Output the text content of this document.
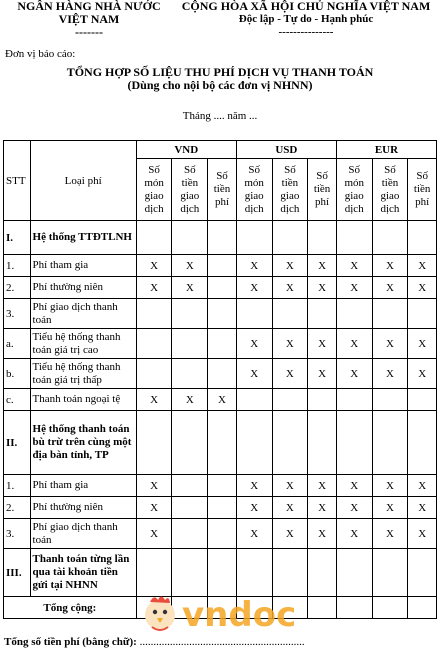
NGÂN HÀNG NHÀ NƯỚC
VIỆT NAM
-------
CỘNG HÒA XÃ HỘI CHỦ NGHĨA VIỆT NAM
Độc lập - Tự do - Hạnh phúc
---------------
Đơn vị báo cáo:
TỔNG HỢP SỐ LIỆU THU PHÍ DỊCH VỤ THANH TOÁN
(Dùng cho nội bộ các đơn vị NHNN)
Tháng .... năm ...
STT	Loại phí	VND			USD			EUR		
		Số món giao dịch	Số tiền giao dịch	Số tiền phí	Số món giao dịch	Số tiền giao dịch	Số tiền phí	Số món giao dịch	Số tiền giao dịch	Số tiền phí
I.	Hệ thống TTĐTLNH									
1.	Phí tham gia	X	X		X	X	X	X	X	X
2.	Phí thường niên	X	X		X	X	X	X	X	X
3.	Phí giao dịch thanh toán									
a.	Tiểu hệ thống thanh toán giá trị cao				X	X	X	X	X	X
b.	Tiểu hệ thống thanh toán giá trị thấp				X	X	X	X	X	X
c.	Thanh toán ngoại tệ	X	X	X						
II.	Hệ thống thanh toán bù trừ trên cùng một địa bàn tỉnh, TP									
1.	Phí tham gia	X			X	X	X	X	X	X
2.	Phí thường niên	X			X	X	X	X	X	X
3.	Phí giao dịch thanh toán	X			X	X	X	X	X	X
III.	Thanh toán từng lần qua tài khoản tiền gửi tại NHNN									
Tổng cộng:											vndoc
Tổng số tiền phí (bằng chữ): ............................................................
